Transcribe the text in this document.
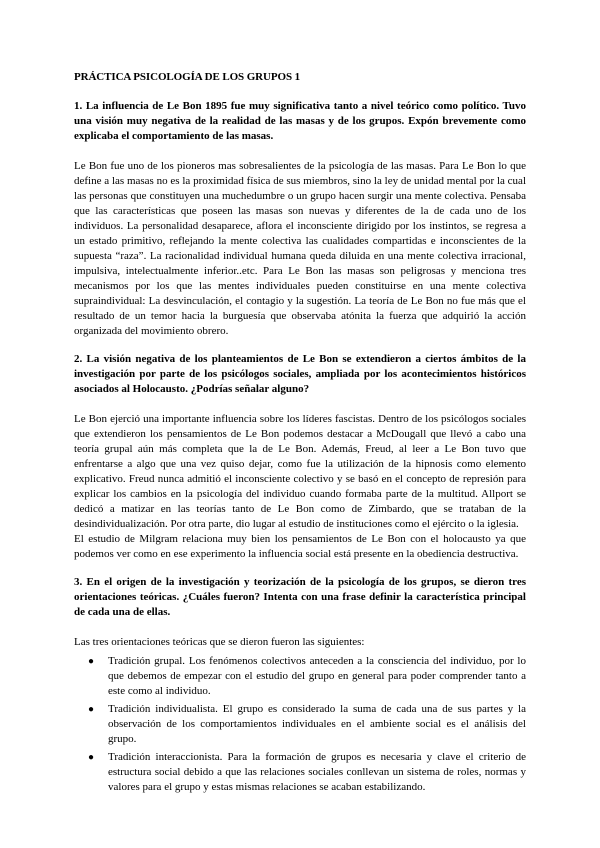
PRÁCTICA PSICOLOGÍA DE LOS GRUPOS 1
1. La influencia de Le Bon 1895 fue muy significativa tanto a nivel teórico como político. Tuvo una visión muy negativa de la realidad de las masas y de los grupos. Expón brevemente como explicaba el comportamiento de las masas.

Le Bon fue uno de los pioneros mas sobresalientes de la psicología de las masas. Para Le Bon lo que define a las masas no es la proximidad física de sus miembros, sino la ley de unidad mental por la cual las personas que constituyen una muchedumbre o un grupo hacen surgir una mente colectiva. Pensaba que las características que poseen las masas son nuevas y diferentes de la de cada uno de los individuos. La personalidad desaparece, aflora el inconsciente dirigido por los instintos, se regresa a un estado primitivo, reflejando la mente colectiva las cualidades compartidas e inconscientes de la supuesta “raza”. La racionalidad individual humana queda diluida en una mente colectiva irracional, impulsiva, intelectualmente inferior..etc. Para Le Bon las masas son peligrosas y menciona tres mecanismos por los que las mentes individuales pueden constituirse en una mente colectiva supraindividual: La desvinculación, el contagio y la sugestión. La teoría de Le Bon no fue más que el resultado de un temor hacia la burguesía que observaba atónita la fuerza que adquirió la acción organizada del movimiento obrero.

2. La visión negativa de los planteamientos de Le Bon se extendieron a ciertos ámbitos de la investigación por parte de los psicólogos sociales, ampliada por los acontecimientos históricos asociados al Holocausto. ¿Podrías señalar alguno?

Le Bon ejerció una importante influencia sobre los líderes fascistas. Dentro de los psicólogos sociales que extendieron los pensamientos de Le Bon podemos destacar a McDougall que llevó a cabo una teoría grupal aún más completa que la de Le Bon. Además, Freud, al leer a Le Bon tuvo que enfrentarse a algo que una vez quiso dejar, como fue la utilización de la hipnosis como elemento explicativo. Freud nunca admitió el inconsciente colectivo y se basó en el concepto de represión para explicar los cambios en la psicología del individuo cuando formaba parte de la multitud. Allport se dedicó a matizar en las teorías tanto de Le Bon como de Zimbardo, que se trataban de la desindividualización. Por otra parte, dio lugar al estudio de instituciones como el ejército o la iglesia.

El estudio de Milgram relaciona muy bien los pensamientos de Le Bon con el holocausto ya que podemos ver como en ese experimento la influencia social está presente en la obediencia destructiva.

3. En el origen de la investigación y teorización de la psicología de los grupos, se dieron tres orientaciones teóricas. ¿Cuáles fueron? Intenta con una frase definir la característica principal de cada una de ellas.
Las tres orientaciones teóricas que se dieron fueron las siguientes:
● Tradición grupal. Los fenómenos colectivos anteceden a la consciencia del individuo, por lo que debemos de empezar con el estudio del grupo en general para poder comprender tanto a este como al individuo.
● Tradición individualista. El grupo es considerado la suma de cada una de sus partes y la observación de los comportamientos individuales en el ambiente social es el análisis del grupo.
● Tradición interaccionista. Para la formación de grupos es necesaria y clave el criterio de estructura social debido a que las relaciones sociales conllevan un sistema de roles, normas y valores para el grupo y estas mismas relaciones se acaban estabilizando.
